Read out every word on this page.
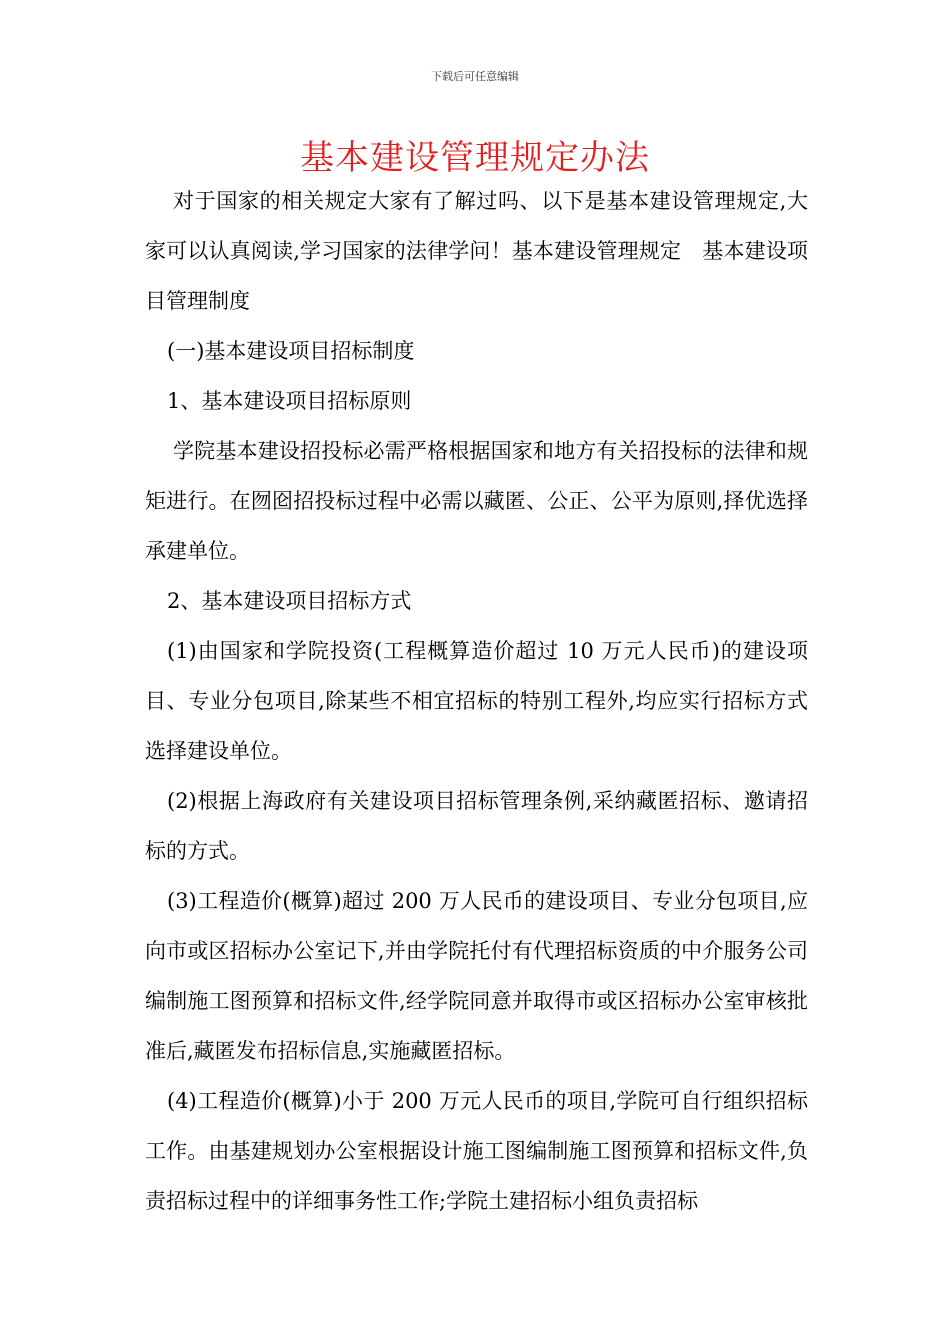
下载后可任意编辑
基本建设管理规定办法

对于国家的相关规定大家有了解过吗、以下是基本建设管理规定,大家可以认真阅读,学习国家的法律学问！基本建设管理规定　基本建设项目管理制度

(一)基本建设项目招标制度

1、基本建设项目招标原则

学院基本建设招投标必需严格根据国家和地方有关招投标的法律和规矩进行。在囫囵招投标过程中必需以藏匿、公正、公平为原则,择优选择承建单位。

2、基本建设项目招标方式

(1)由国家和学院投资(工程概算造价超过 10 万元人民币)的建设项目、专业分包项目,除某些不相宜招标的特别工程外,均应实行招标方式选择建设单位。

(2)根据上海政府有关建设项目招标管理条例,采纳藏匿招标、邀请招标的方式。

(3)工程造价(概算)超过 200 万人民币的建设项目、专业分包项目,应向市或区招标办公室记下,并由学院托付有代理招标资质的中介服务公司编制施工图预算和招标文件,经学院同意并取得市或区招标办公室审核批准后,藏匿发布招标信息,实施藏匿招标。

(4)工程造价(概算)小于 200 万元人民币的项目,学院可自行组织招标工作。由基建规划办公室根据设计施工图编制施工图预算和招标文件,负责招标过程中的详细事务性工作;学院土建招标小组负责招标
